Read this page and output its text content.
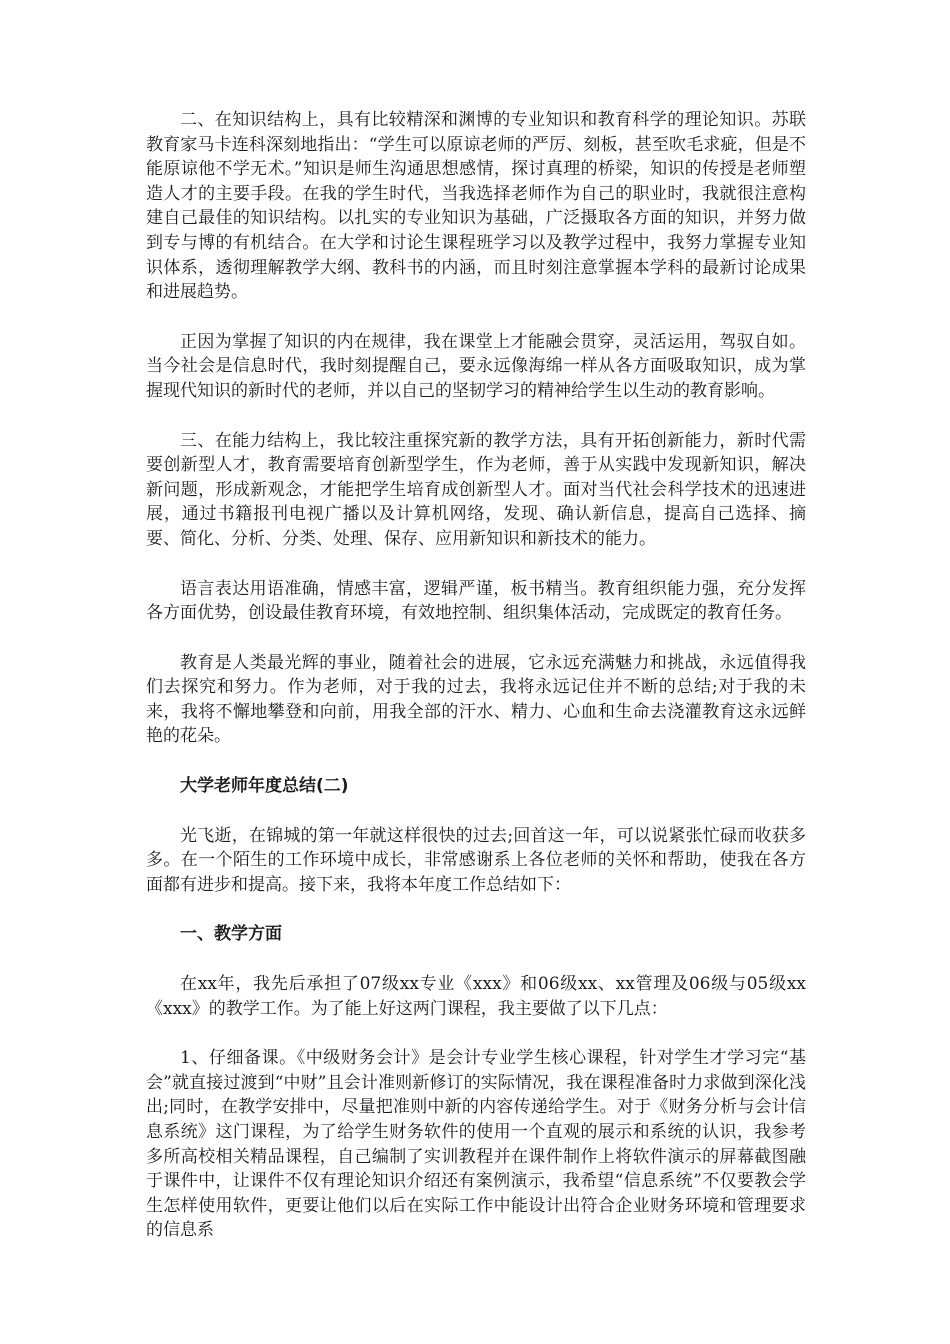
二、在知识结构上，具有比较精深和渊博的专业知识和教育科学的理论知识。苏联教育家马卡连科深刻地指出：“学生可以原谅老师的严厉、刻板，甚至吹毛求疵，但是不能原谅他不学无术。”知识是师生沟通思想感情，探讨真理的桥梁，知识的传授是老师塑造人才的主要手段。在我的学生时代，当我选择老师作为自己的职业时，我就很注意构建自己最佳的知识结构。以扎实的专业知识为基础，广泛摄取各方面的知识，并努力做到专与博的有机结合。在大学和讨论生课程班学习以及教学过程中，我努力掌握专业知识体系，透彻理解教学大纲、教科书的内涵，而且时刻注意掌握本学科的最新讨论成果和进展趋势。

正因为掌握了知识的内在规律，我在课堂上才能融会贯穿，灵活运用，驾驭自如。当今社会是信息时代，我时刻提醒自己，要永远像海绵一样从各方面吸取知识，成为掌握现代知识的新时代的老师，并以自己的坚韧学习的精神给学生以生动的教育影响。

三、在能力结构上，我比较注重探究新的教学方法，具有开拓创新能力，新时代需要创新型人才，教育需要培育创新型学生，作为老师，善于从实践中发现新知识，解决新问题，形成新观念，才能把学生培育成创新型人才。面对当代社会科学技术的迅速进展，通过书籍报刊电视广播以及计算机网络，发现、确认新信息，提高自己选择、摘要、简化、分析、分类、处理、保存、应用新知识和新技术的能力。

语言表达用语准确，情感丰富，逻辑严谨，板书精当。教育组织能力强，充分发挥各方面优势，创设最佳教育环境，有效地控制、组织集体活动，完成既定的教育任务。

教育是人类最光辉的事业，随着社会的进展，它永远充满魅力和挑战，永远值得我们去探究和努力。作为老师，对于我的过去，我将永远记住并不断的总结;对于我的未来，我将不懈地攀登和向前，用我全部的汗水、精力、心血和生命去浇灌教育这永远鲜艳的花朵。

大学老师年度总结(二)

光飞逝，在锦城的第一年就这样很快的过去;回首这一年，可以说紧张忙碌而收获多多。在一个陌生的工作环境中成长，非常感谢系上各位老师的关怀和帮助，使我在各方面都有进步和提高。接下来，我将本年度工作总结如下：

一、教学方面

在xx年，我先后承担了07级xx专业《xxx》和06级xx、xx管理及06级与05级xx《xxx》的教学工作。为了能上好这两门课程，我主要做了以下几点：

1、仔细备课。《中级财务会计》是会计专业学生核心课程，针对学生才学习完“基会”就直接过渡到“中财”且会计准则新修订的实际情况，我在课程准备时力求做到深化浅出;同时，在教学安排中，尽量把准则中新的内容传递给学生。对于《财务分析与会计信息系统》这门课程，为了给学生财务软件的使用一个直观的展示和系统的认识，我参考多所高校相关精品课程，自己编制了实训教程并在课件制作上将软件演示的屏幕截图融于课件中，让课件不仅有理论知识介绍还有案例演示，我希望“信息系统”不仅要教会学生怎样使用软件，更要让他们以后在实际工作中能设计出符合企业财务环境和管理要求的信息系
